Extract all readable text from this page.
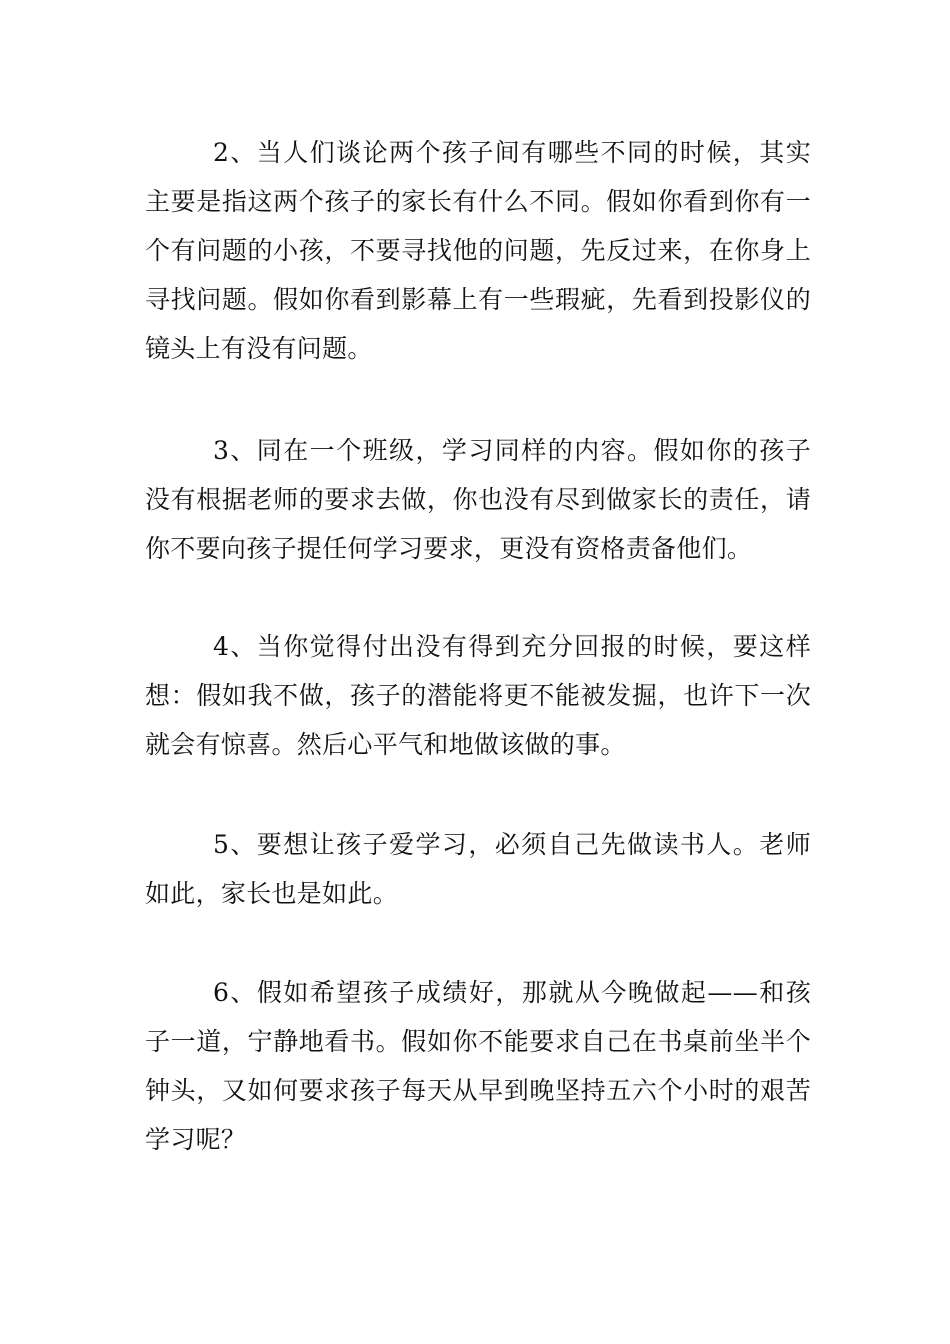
2、当人们谈论两个孩子间有哪些不同的时候，其实主要是指这两个孩子的家长有什么不同。假如你看到你有一个有问题的小孩，不要寻找他的问题，先反过来，在你身上寻找问题。假如你看到影幕上有一些瑕疵，先看到投影仪的镜头上有没有问题。

3、同在一个班级，学习同样的内容。假如你的孩子没有根据老师的要求去做，你也没有尽到做家长的责任，请你不要向孩子提任何学习要求，更没有资格责备他们。

4、当你觉得付出没有得到充分回报的时候，要这样想：假如我不做，孩子的潜能将更不能被发掘，也许下一次就会有惊喜。然后心平气和地做该做的事。

5、要想让孩子爱学习，必须自己先做读书人。老师如此，家长也是如此。

6、假如希望孩子成绩好，那就从今晚做起——和孩子一道，宁静地看书。假如你不能要求自己在书桌前坐半个钟头，又如何要求孩子每天从早到晚坚持五六个小时的艰苦学习呢？
